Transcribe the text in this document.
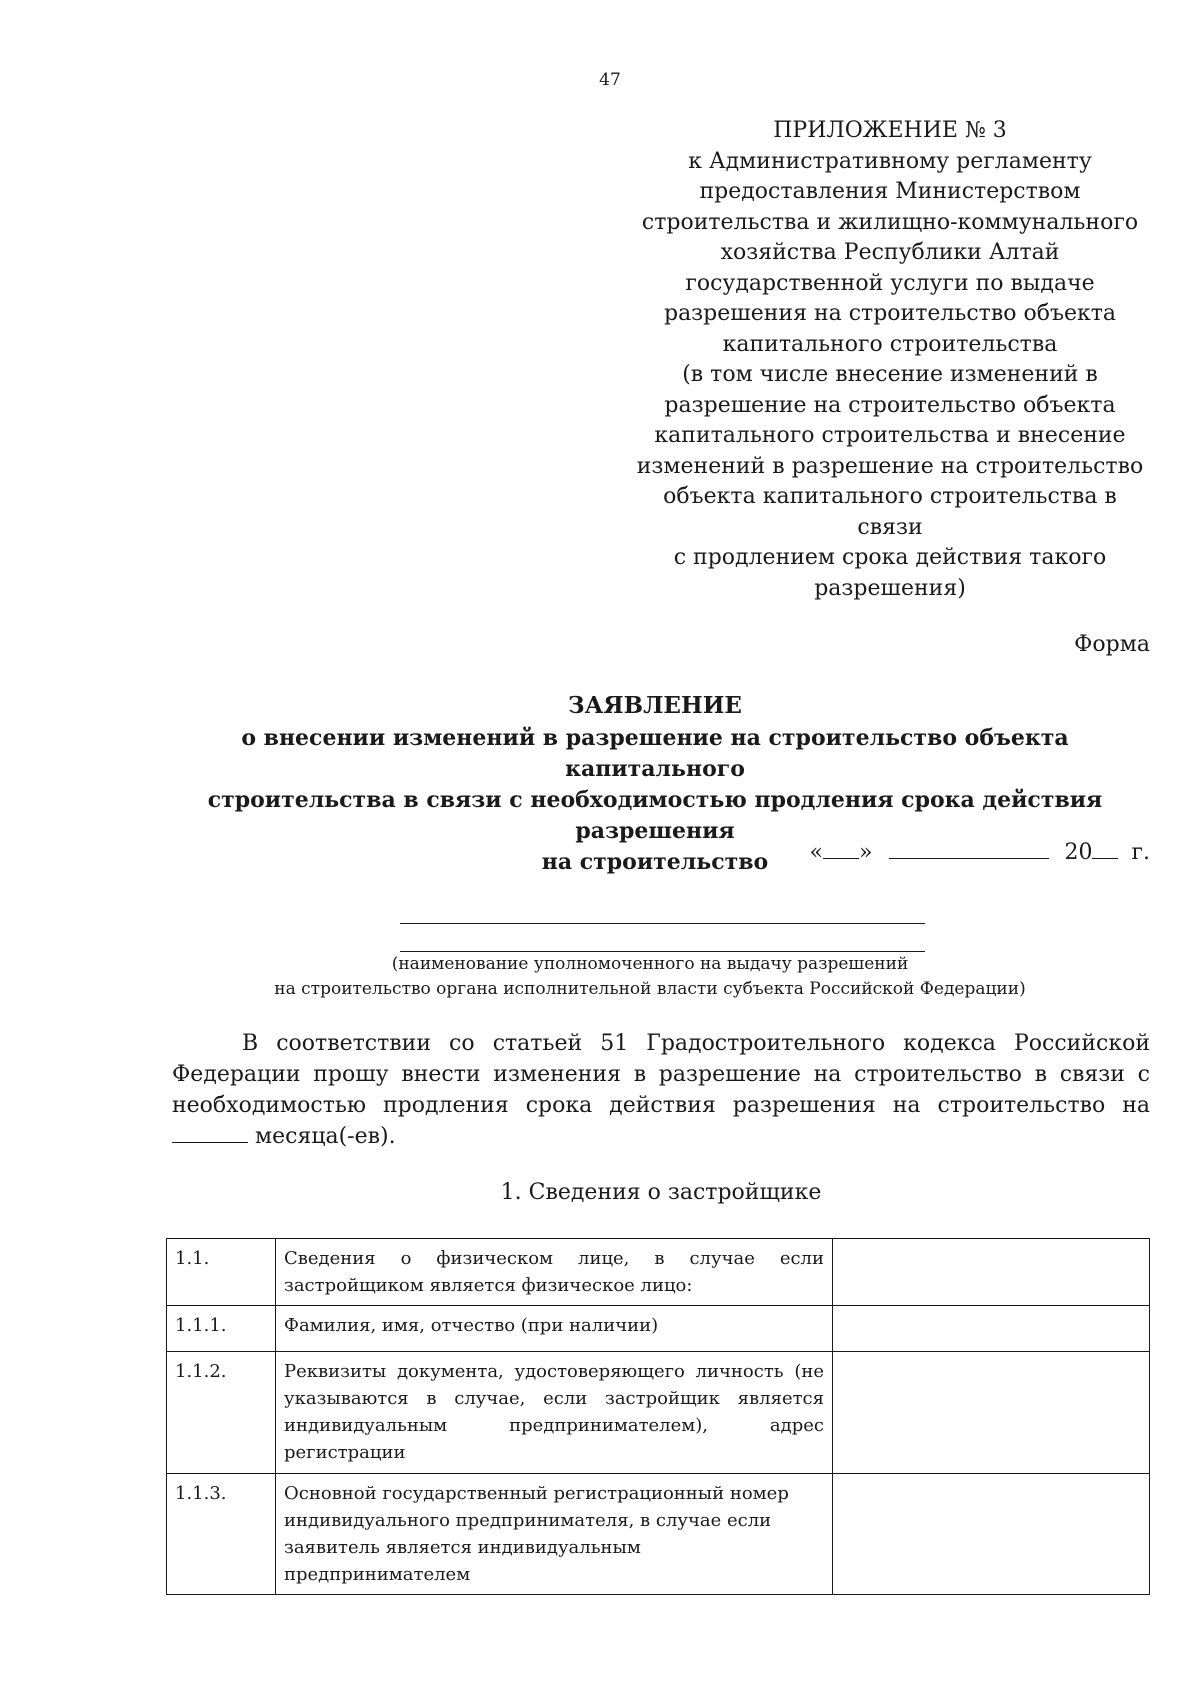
47
ПРИЛОЖЕНИЕ № 3
к Административному регламенту
предоставления Министерством
строительства и жилищно-коммунального
хозяйства Республики Алтай
государственной услуги по выдаче
разрешения на строительство объекта
капитального строительства
(в том числе внесение изменений в
разрешение на строительство объекта
капитального строительства и внесение
изменений в разрешение на строительство
объекта капитального строительства в связи
с продлением срока действия такого
разрешения)
Форма
ЗАЯВЛЕНИЕ
о внесении изменений в разрешение на строительство объекта капитального
строительства в связи с необходимостью продления срока действия разрешения
на строительство	« »	20 г.
(наименование уполномоченного на выдачу разрешений
на строительство органа исполнительной власти субъекта Российской Федерации)
В соответствии со статьей 51 Градостроительного кодекса Российской Федерации прошу внести изменения в разрешение на строительство в связи с необходимостью продления срока действия разрешения на строительство на  месяца(-ев).
1. Сведения о застройщике
1.1.	Сведения о физическом лице, в случае если застройщиком является физическое лицо:	
1.1.1.	Фамилия, имя, отчество (при наличии)	
1.1.2.	Реквизиты документа, удостоверяющего личность (не указываются в случае, если застройщик является индивидуальным предпринимателем), адрес регистрации	
1.1.3.	Основной государственный регистрационный номер индивидуального предпринимателя, в случае если заявитель является индивидуальным предпринимателем	
